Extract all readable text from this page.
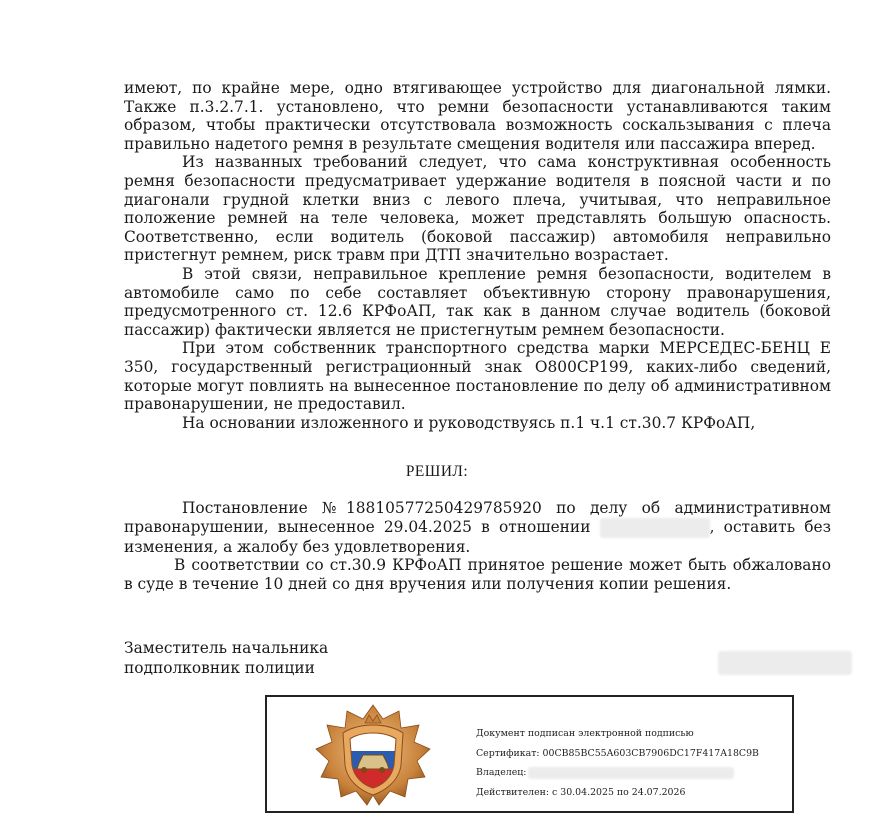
имеют, по крайне мере, одно втягивающее устройство для диагональной лямки. Также п.3.2.7.1. установлено, что ремни безопасности устанавливаются таким образом, чтобы практически отсутствовала возможность соскальзывания с плеча правильно надетого ремня в результате смещения водителя или пассажира вперед.

Из названных требований следует, что сама конструктивная особенность ремня безопасности предусматривает удержание водителя в поясной части и по диагонали грудной клетки вниз с левого плеча, учитывая, что неправильное положение ремней на теле человека, может представлять большую опасность. Соответственно, если водитель (боковой пассажир) автомобиля неправильно пристегнут ремнем, риск травм при ДТП значительно возрастает.

В этой связи, неправильное крепление ремня безопасности, водителем в автомобиле само по себе составляет объективную сторону правонарушения, предусмотренного ст. 12.6 КРФоАП, так как в данном случае водитель (боковой пассажир) фактически является не пристегнутым ремнем безопасности.

При этом собственник транспортного средства марки МЕРСЕДЕС-БЕНЦ Е 350, государственный регистрационный знак О800СР199, каких-либо сведений, которые могут повлиять на вынесенное постановление по делу об административном правонарушении, не предоставил.

На основании изложенного и руководствуясь п.1 ч.1 ст.30.7 КРФоАП,

РЕШИЛ:

Постановление №18810577250429785920 по делу об административном правонарушении, вынесенное 29.04.2025 в отношении	, оставить без изменения, а жалобу без удовлетворения.

В соответствии со ст.30.9 КРФоАП принятое решение может быть обжаловано в суде в течение 10 дней со дня вручения или получения копии решения.

Заместитель начальника
подполковник полиции
Документ подписан электронной подписью
Сертификат: 00CB85BC55A603CB7906DC17F417A18C9B
Владелец:
Действителен: с 30.04.2025 по 24.07.2026
